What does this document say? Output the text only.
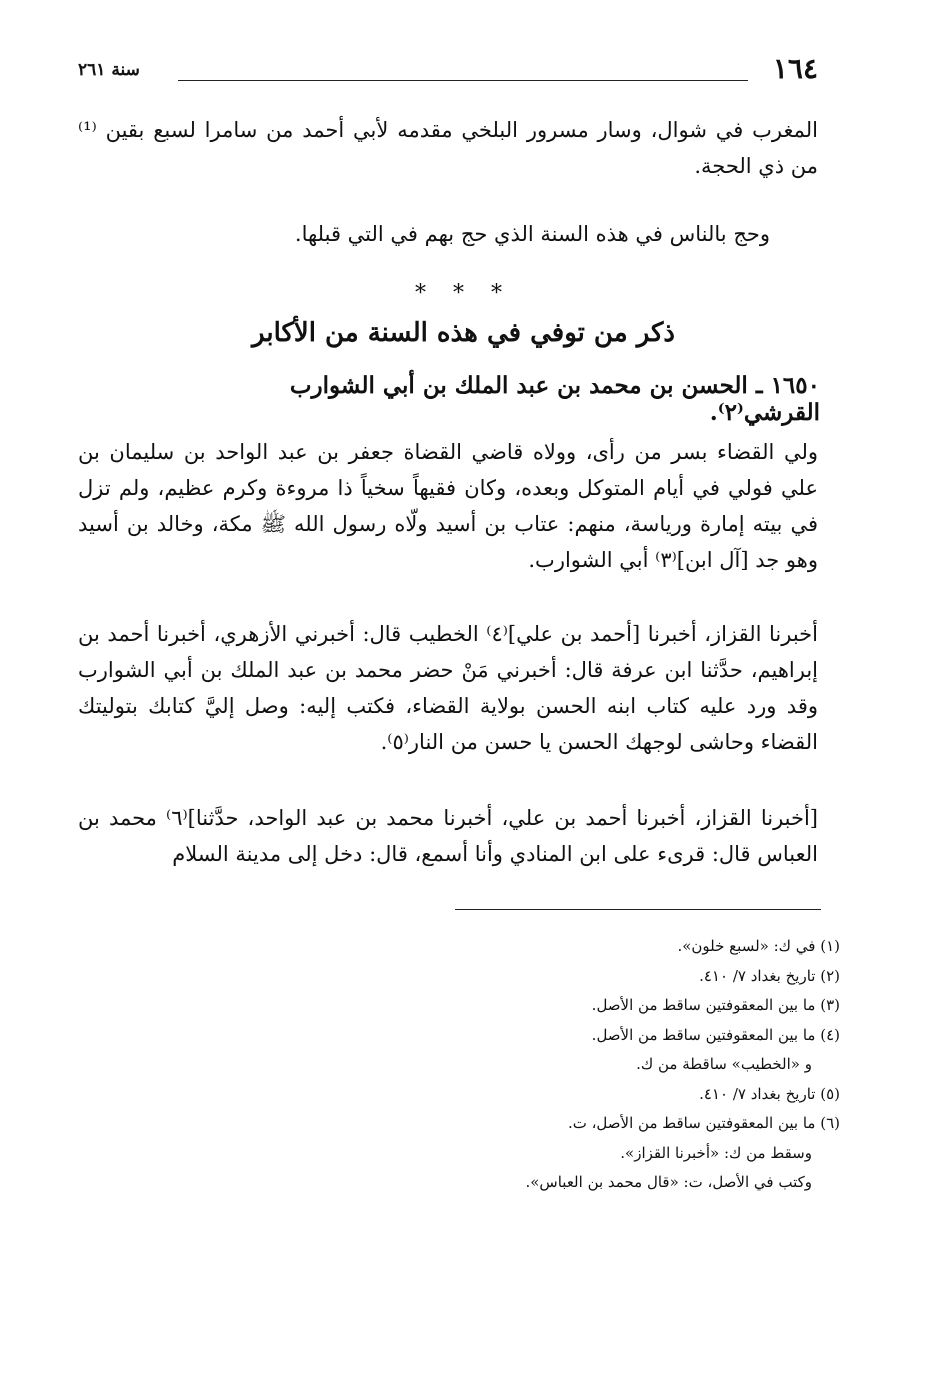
١٦٤
سنة ٢٦١
المغرب في شوال، وسار مسرور البلخي مقدمه لأبي أحمد من سامرا لسبع بقين ⁽¹⁾ من ذي الحجة.
وحج بالناس في هذه السنة الذي حج بهم في التي قبلها.
* * *
ذكر من توفي في هذه السنة من الأكابر
١٦٥٠ ـ الحسن بن محمد بن عبد الملك بن أبي الشوارب القرشي⁽٢⁾.
ولي القضاء بسر من رأى، وولاه قاضي القضاة جعفر بن عبد الواحد بن سليمان بن علي فولي في أيام المتوكل وبعده، وكان فقيهاً سخياً ذا مروءة وكرم عظيم، ولم تزل في بيته إمارة ورياسة، منهم: عتاب بن أسيد ولّاه رسول الله ﷺ مكة، وخالد بن أسيد وهو جد [آل ابن]⁽٣⁾ أبي الشوارب.
أخبرنا القزاز، أخبرنا [أحمد بن علي]⁽٤⁾ الخطيب قال: أخبرني الأزهري، أخبرنا أحمد بن إبراهيم، حدَّثنا ابن عرفة قال: أخبرني مَنْ حضر محمد بن عبد الملك بن أبي الشوارب وقد ورد عليه كتاب ابنه الحسن بولاية القضاء، فكتب إليه: وصل إليَّ كتابك بتوليتك القضاء وحاشى لوجهك الحسن يا حسن من النار⁽٥⁾.
[أخبرنا القزاز، أخبرنا أحمد بن علي، أخبرنا محمد بن عبد الواحد، حدَّثنا]⁽٦⁾ محمد بن العباس قال: قرىء على ابن المنادي وأنا أسمع، قال: دخل إلى مدينة السلام
(١) في ك: «لسبع خلون».
(٢) تاريخ بغداد ٧/ ٤١٠.
(٣) ما بين المعقوفتين ساقط من الأصل.
(٤) ما بين المعقوفتين ساقط من الأصل.
و «الخطيب» ساقطة من ك.
(٥) تاريخ بغداد ٧/ ٤١٠.
(٦) ما بين المعقوفتين ساقط من الأصل، ت.
وسقط من ك: «أخبرنا القزاز».
وكتب في الأصل، ت: «قال محمد بن العباس».
